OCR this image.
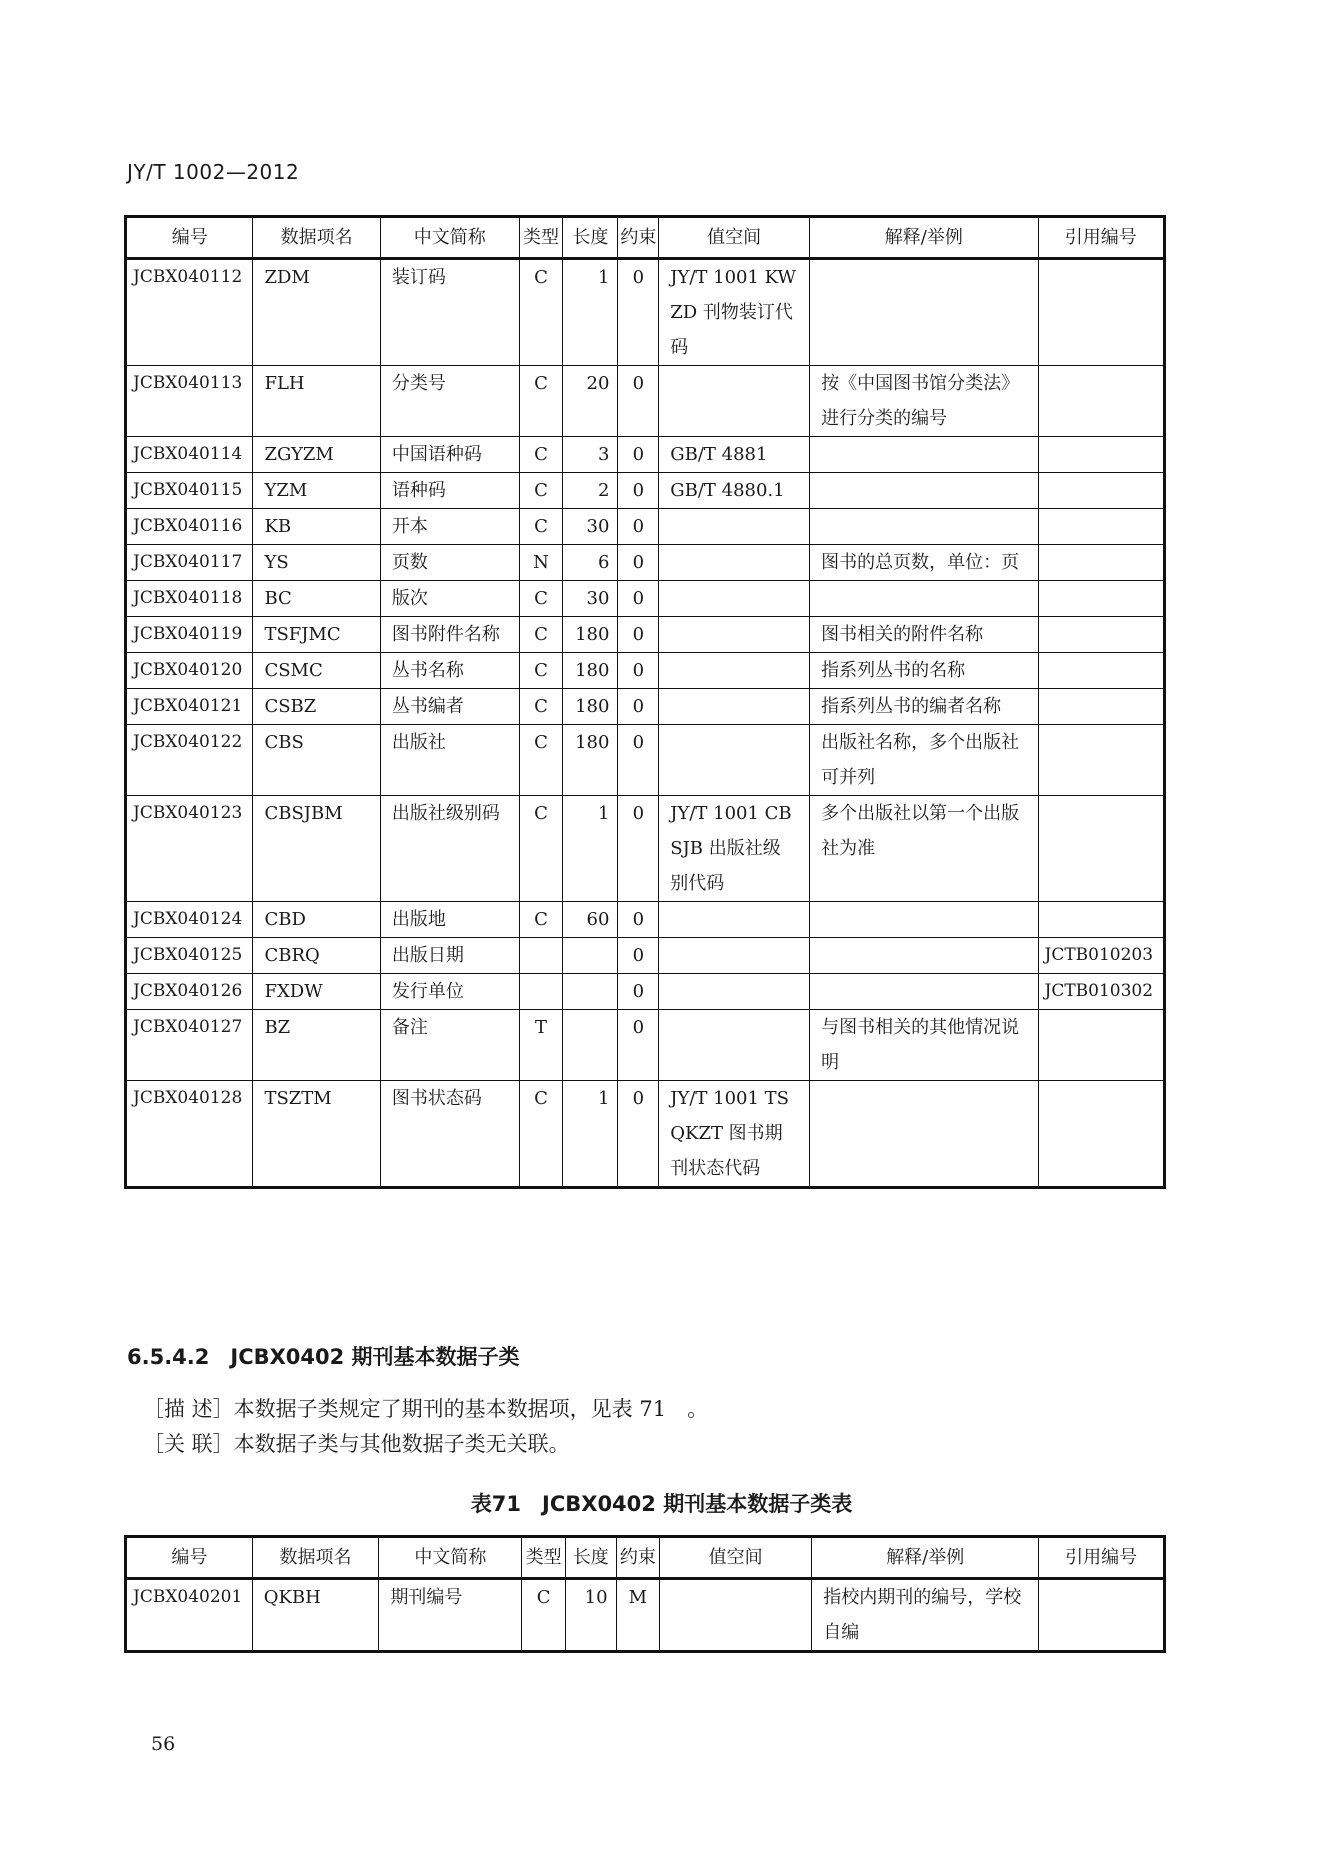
JY/T 1002—2012
编号	数据项名	中文简称	类型	长度	约束	值空间	解释/举例	引用编号
JCBX040112	ZDM	装订码	C	1	0	JY/T 1001 KWZD 刊物装订代码		
JCBX040113	FLH	分类号	C	20	0		按《中国图书馆分类法》进行分类的编号	
JCBX040114	ZGYZM	中国语种码	C	3	0	GB/T 4881		
JCBX040115	YZM	语种码	C	2	0	GB/T 4880.1		
JCBX040116	KB	开本	C	30	0			
JCBX040117	YS	页数	N	6	0		图书的总页数，单位：页	
JCBX040118	BC	版次	C	30	0			
JCBX040119	TSFJMC	图书附件名称	C	180	0		图书相关的附件名称	
JCBX040120	CSMC	丛书名称	C	180	0		指系列丛书的名称	
JCBX040121	CSBZ	丛书编者	C	180	0		指系列丛书的编者名称	
JCBX040122	CBS	出版社	C	180	0		出版社名称，多个出版社可并列	
JCBX040123	CBSJBM	出版社级别码	C	1	0	JY/T 1001 CBSJB 出版社级别代码	多个出版社以第一个出版社为准	
JCBX040124	CBD	出版地	C	60	0			
JCBX040125	CBRQ	出版日期			0			JCTB010203
JCBX040126	FXDW	发行单位			0			JCTB010302
JCBX040127	BZ	备注	T		0		与图书相关的其他情况说明	
JCBX040128	TSZTM	图书状态码	C	1	0	JY/T 1001 TSQKZT 图书期刊状态代码		
6.5.4.2　JCBX0402 期刊基本数据子类
［描 述］本数据子类规定了期刊的基本数据项，见表 71　。
［关 联］本数据子类与其他数据子类无关联。
表71　JCBX0402 期刊基本数据子类表
编号	数据项名	中文简称	类型	长度	约束	值空间	解释/举例	引用编号
JCBX040201	QKBH	期刊编号	C	10	M		指校内期刊的编号，学校自编	
56
